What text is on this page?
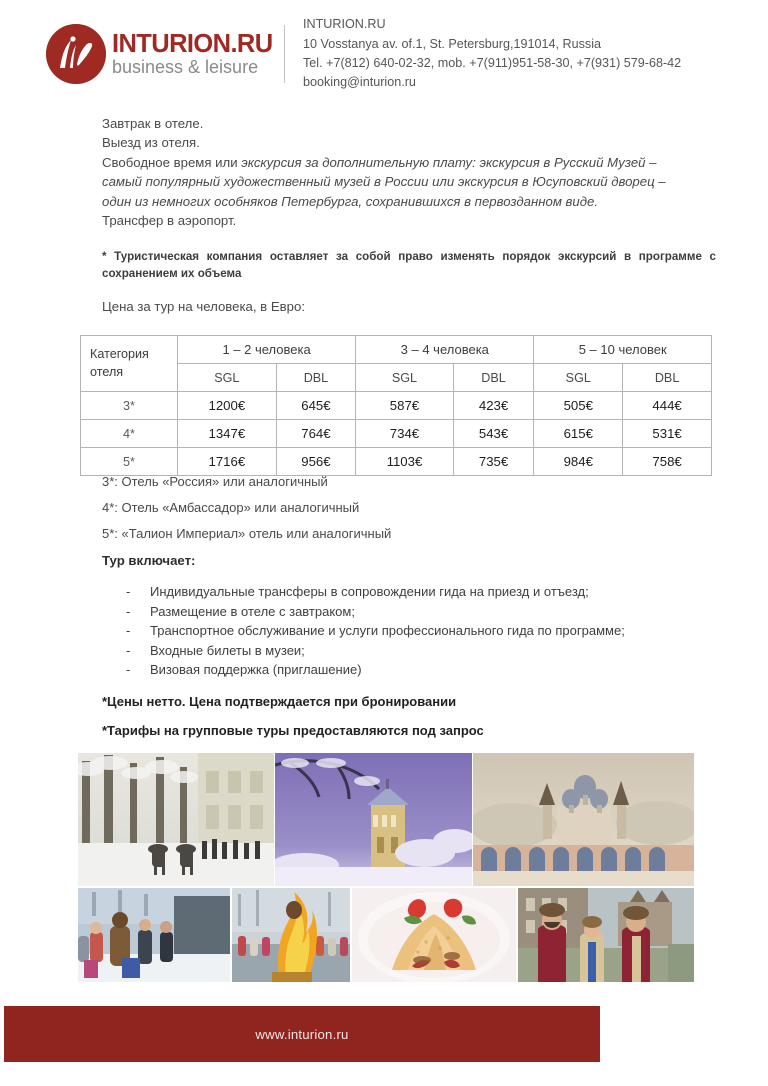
INTURION.RU
business & leisure
INTURION.RU
10 Vosstanya av. of.1, St. Petersburg,191014, Russia
Tel. +7(812) 640-02-32, mob. +7(911)951-58-30, +7(931) 579-68-42
booking@inturion.ru
Завтрак в отеле.
Выезд из отеля.
Свободное время или экскурсия за дополнительную плату: экскурсия в Русский Музей – самый популярный художественный музей в России или экскурсия в Юсуповский дворец – один из немногих особняков Петербурга, сохранившихся в первозданном виде.
Трансфер в аэропорт.
* Туристическая компания оставляет за собой право изменять порядок экскурсий в программе с сохранением их объема
Цена за тур на человека, в Евро:
Категория отеля	1 – 2 человека		3 – 4 человека		5 – 10 человек	
	SGL	DBL	SGL	DBL	SGL	DBL
3*	1200€	645€	587€	423€	505€	444€
4*	1347€	764€	734€	543€	615€	531€
5*	1716€	956€	1103€	735€	984€	758€
3*: Отель «Россия» или аналогичный
4*: Отель «Амбассадор» или аналогичный
5*: «Талион Империал» отель или аналогичный
Тур включает:
-	Индивидуальные трансферы в сопровождении гида на приезд и отъезд;
-	Размещение в отеле с завтраком;
-	Транспортное обслуживание и услуги профессионального гида по программе;
-	Входные билеты в музеи;
-	Визовая поддержка (приглашение)
*Цены нетто. Цена подтверждается при бронировании
*Тарифы на групповые туры предоставляются под запрос
www.inturion.ru
